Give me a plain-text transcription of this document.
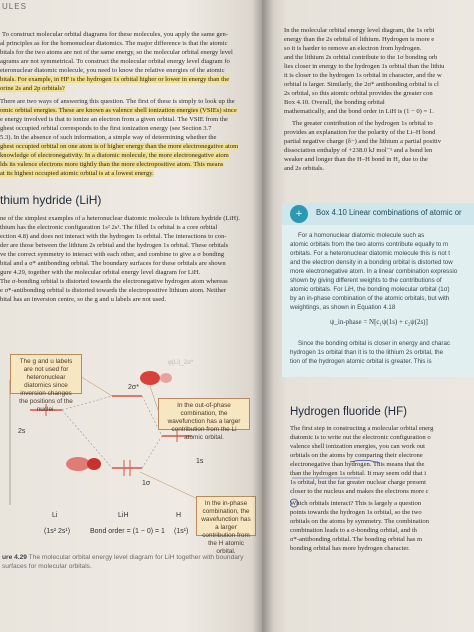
ULES

To construct molecular orbital diagrams for these molecules, you apply the same gen-

al principles as for the homonuclear diatomics. The major difference is that the atomic

bitals for the two atoms are not of the same energy, so the molecular orbital energy level

agrams are not symmetrical. To construct the molecular orbital energy level diagram fo

eteronuclear diatomic molecule, you need to know the relative energies of the atomic

bitals. For example, in HF is the hydrogen 1s orbital higher or lower in energy than the

orine 2s and 2p orbitals?

There are two ways of answering this question. The first of these is simply to look up the

omic orbital energies. These are known as valence shell ionization energies (VSIEs) since

e energy involved is that to ionize an electron from a given orbital. The VSIE from the

ghest occupied orbital corresponds to the first ionization energy (see Section 3.7

5.3). In the absence of such information, a simple way of determining whether the

ghest occupied orbital on one atom is of higher energy than the more electronegative atom

knowledge of electronegativity. In a diatomic molecule, the more electronegative atom

lds its valence electrons more tightly than the more electropositive atom. This means

at its highest occupied atomic orbital is at a lowest energy.

thium hydride (LiH)

ne of the simplest examples of a heteronuclear diatomic molecule is lithium hydride (LiH).

thium has the electronic configuration 1s² 2s¹. The filled 1s orbital is a core orbital

ection 4.8) and does not interact with the hydrogen 1s orbital. The interactions to con-

der are those between the lithium 2s orbital and the hydrogen 1s orbital. These orbitals

ve the correct symmetry to interact with each other, and combine to give a σ bonding

bital and a σ* antibonding orbital. The boundary surfaces for these orbitals are shown

gure 4.29, together with the molecular orbital energy level diagram for LiH.

The σ-bonding orbital is distorted towards the electronegative hydrogen atom whereas

e σ*-antibonding orbital is distorted towards the electropositive lithium atom. Neither

bital has an inversion centre, so the g and u labels are not used.

The g and u labels are not used for heteronuclear diatomics since inversion changes the positions of the nuclei.
In the out-of-phase combination, the wavefunction has a larger contribution from the Li atomic orbital.
In the in-phase combination, the wavefunction has a larger contribution from the H atomic orbital.
2s
1s
2σ*
1σ
φ(Li)_2σ*
Li	LiH	H
(1s² 2s¹)	Bond order = (1 − 0) = 1 (1s¹)
ure 4.29 The molecular orbital energy level diagram for LiH together with boundary surfaces for molecular orbitals.

In the molecular orbital energy level diagram, the 1s orbi

energy than the 2s orbital of lithium. Hydrogen is more e

so it is harder to remove an electron from hydrogen.

and the lithium 2s orbital contribute to the 1σ bonding orb

lies closer in energy to the hydrogen 1s orbital than the lithiu

it is closer to the hydrogen 1s orbital in character, and the w

orbital is larger. Similarly, the 2σ* antibonding orbital is cl

2s orbital, so this atomic orbital provides the greater con

Box 4.10. Overall, the bonding orbital

mathematically, and the bond order in LiH is (1 − 0) = 1.

The greater contribution of the hydrogen 1s orbital to

provides an explanation for the polarity of the Li–H bond

partial negative charge (δ−) and the lithium a partial positiv

dissociation enthalpy of +238.0 kJ mol⁻¹ and a bond len

weaker and longer than the H–H bond in H₂ due to the

and 2s orbitals.

+	Box 4.10 Linear combinations of atomic or

For a homonuclear diatomic molecule such as

atomic orbitals from the two atoms contribute equally to m

orbitals. For a heteronuclear diatomic molecule this is not t

and the electron density in a bonding orbital is distorted tow

more electronegative atom. In a linear combination expressio

shown by giving different weights to the contributions of

atomic orbitals. For LiH, the bonding molecular orbital (1σ)

by an in-phase combination of the atomic orbitals, but with

weightings, as shown in Equation 4.18

ψ_in-phase = N[c₁ψ(1s) + c₂ψ(2s)]

Since the bonding orbital is closer in energy and charac

hydrogen 1s orbital than it is to the lithium 2s orbital, the

tion of the hydrogen atomic orbital is greater. This is

Hydrogen fluoride (HF)

The first step in constructing a molecular orbital energ

diatomic is to write out the electronic configuration o

valence shell ionization energies, you can work out

orbitals on the atoms by comparing their electrone

electronegative than hydrogen. This means that the

than the hydrogen 1s orbital. It may seem odd that i

1s orbital, but the far greater nuclear charge present

closer to the nucleus and makes the electrons more c

Which orbitals interact? This is largely a question

points towards the hydrogen 1s orbital, so the two

orbitals on the atoms by symmetry. The combination

combination leads to a σ-bonding orbital, and th

σ*-antibonding orbital. The bonding orbital has m

bonding orbital has more hydrogen character.
